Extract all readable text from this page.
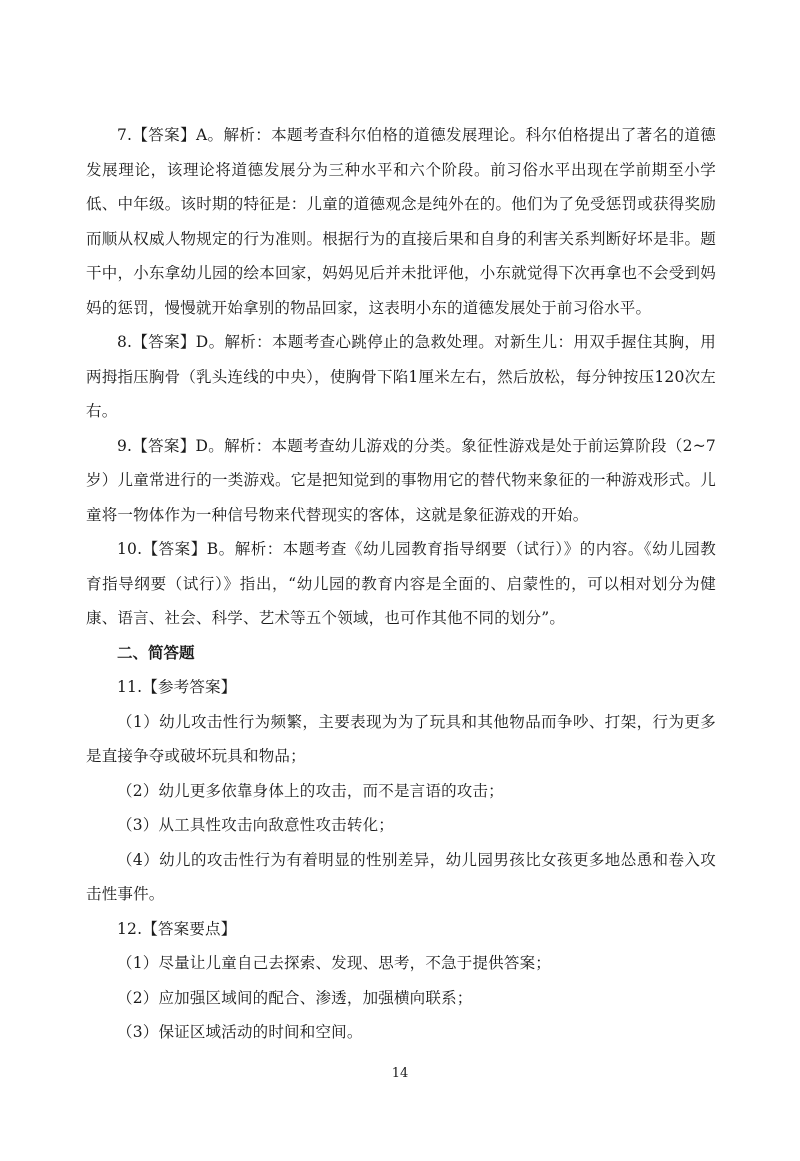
7.【答案】A。解析：本题考查科尔伯格的道德发展理论。科尔伯格提出了著名的道德发展理论，该理论将道德发展分为三种水平和六个阶段。前习俗水平出现在学前期至小学低、中年级。该时期的特征是：儿童的道德观念是纯外在的。他们为了免受惩罚或获得奖励而顺从权威人物规定的行为准则。根据行为的直接后果和自身的利害关系判断好坏是非。题干中，小东拿幼儿园的绘本回家，妈妈见后并未批评他，小东就觉得下次再拿也不会受到妈妈的惩罚，慢慢就开始拿别的物品回家，这表明小东的道德发展处于前习俗水平。

8.【答案】D。解析：本题考查心跳停止的急救处理。对新生儿：用双手握住其胸，用两拇指压胸骨（乳头连线的中央），使胸骨下陷1厘米左右，然后放松，每分钟按压120次左右。

9.【答案】D。解析：本题考查幼儿游戏的分类。象征性游戏是处于前运算阶段（2~7岁）儿童常进行的一类游戏。它是把知觉到的事物用它的替代物来象征的一种游戏形式。儿童将一物体作为一种信号物来代替现实的客体，这就是象征游戏的开始。

10.【答案】B。解析：本题考查《幼儿园教育指导纲要（试行）》的内容。《幼儿园教育指导纲要（试行）》指出，“幼儿园的教育内容是全面的、启蒙性的，可以相对划分为健康、语言、社会、科学、艺术等五个领域，也可作其他不同的划分”。

二、简答题

11.【参考答案】

（1）幼儿攻击性行为频繁，主要表现为为了玩具和其他物品而争吵、打架，行为更多是直接争夺或破坏玩具和物品；

（2）幼儿更多依靠身体上的攻击，而不是言语的攻击；

（3）从工具性攻击向敌意性攻击转化；

（4）幼儿的攻击性行为有着明显的性别差异，幼儿园男孩比女孩更多地怂恿和卷入攻击性事件。

12.【答案要点】

（1）尽量让儿童自己去探索、发现、思考，不急于提供答案；

（2）应加强区域间的配合、渗透，加强横向联系；

（3）保证区域活动的时间和空间。

14
